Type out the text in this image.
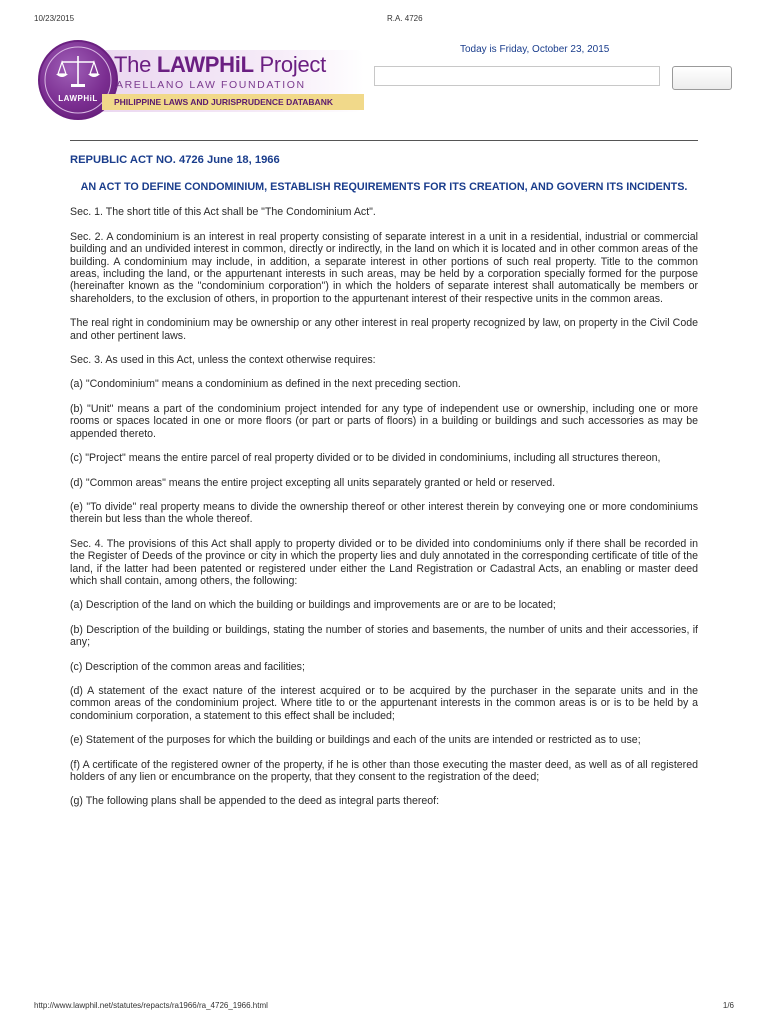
10/23/2015	R.A. 4726
LAWPHiL
The LAWPHiL Project
ARELLANO LAW FOUNDATION
PHILIPPINE LAWS AND JURISPRUDENCE DATABANK
Today is Friday, October 23, 2015

REPUBLIC ACT NO. 4726 June 18, 1966

AN ACT TO DEFINE CONDOMINIUM, ESTABLISH REQUIREMENTS FOR ITS CREATION, AND GOVERN ITS INCIDENTS.

Sec. 1. The short title of this Act shall be "The Condominium Act".

Sec. 2. A condominium is an interest in real property consisting of separate interest in a unit in a residential, industrial or commercial building and an undivided interest in common, directly or indirectly, in the land on which it is located and in other common areas of the building. A condominium may include, in addition, a separate interest in other portions of such real property. Title to the common areas, including the land, or the appurtenant interests in such areas, may be held by a corporation specially formed for the purpose (hereinafter known as the "condominium corporation") in which the holders of separate interest shall automatically be members or shareholders, to the exclusion of others, in proportion to the appurtenant interest of their respective units in the common areas.

The real right in condominium may be ownership or any other interest in real property recognized by law, on property in the Civil Code and other pertinent laws.

Sec. 3. As used in this Act, unless the context otherwise requires:

(a) "Condominium" means a condominium as defined in the next preceding section.

(b) "Unit" means a part of the condominium project intended for any type of independent use or ownership, including one or more rooms or spaces located in one or more floors (or part or parts of floors) in a building or buildings and such accessories as may be appended thereto.

(c) "Project" means the entire parcel of real property divided or to be divided in condominiums, including all structures thereon,

(d) "Common areas" means the entire project excepting all units separately granted or held or reserved.

(e) "To divide" real property means to divide the ownership thereof or other interest therein by conveying one or more condominiums therein but less than the whole thereof.

Sec. 4. The provisions of this Act shall apply to property divided or to be divided into condominiums only if there shall be recorded in the Register of Deeds of the province or city in which the property lies and duly annotated in the corresponding certificate of title of the land, if the latter had been patented or registered under either the Land Registration or Cadastral Acts, an enabling or master deed which shall contain, among others, the following:

(a) Description of the land on which the building or buildings and improvements are or are to be located;

(b) Description of the building or buildings, stating the number of stories and basements, the number of units and their accessories, if any;

(c) Description of the common areas and facilities;

(d) A statement of the exact nature of the interest acquired or to be acquired by the purchaser in the separate units and in the common areas of the condominium project. Where title to or the appurtenant interests in the common areas is or is to be held by a condominium corporation, a statement to this effect shall be included;

(e) Statement of the purposes for which the building or buildings and each of the units are intended or restricted as to use;

(f) A certificate of the registered owner of the property, if he is other than those executing the master deed, as well as of all registered holders of any lien or encumbrance on the property, that they consent to the registration of the deed;

(g) The following plans shall be appended to the deed as integral parts thereof:

http://www.lawphil.net/statutes/repacts/ra1966/ra_4726_1966.html	1/6
